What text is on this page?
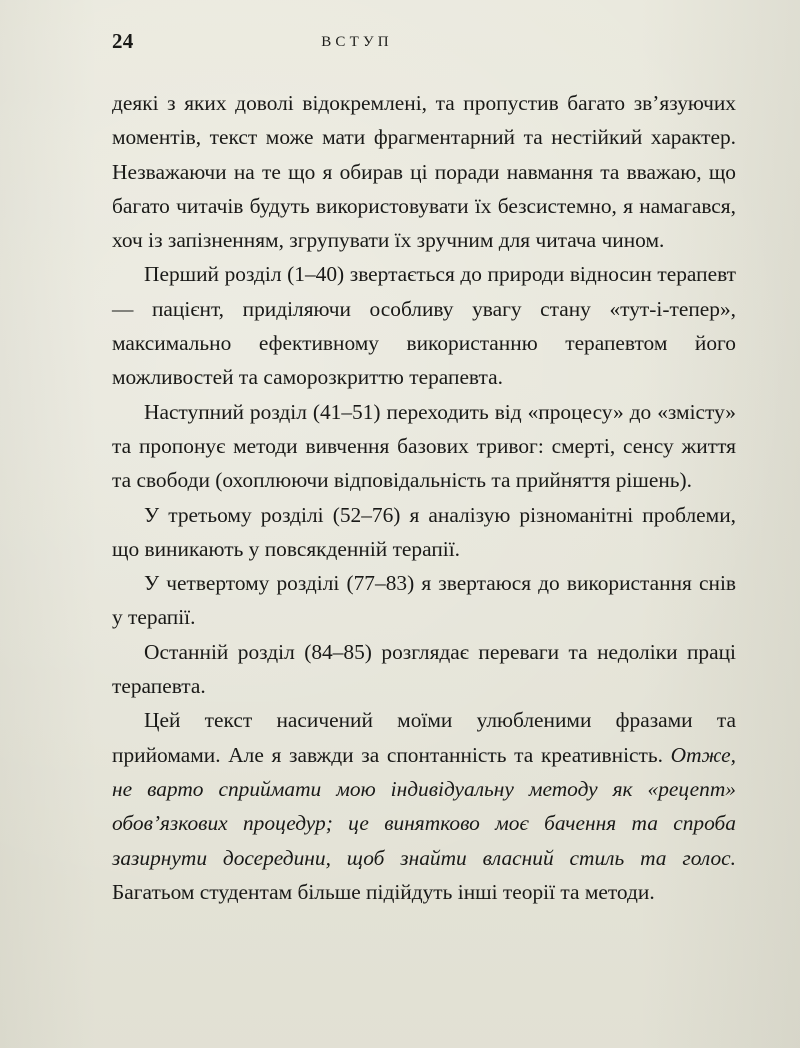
24	ВСТУП

деякі з яких доволі відокремлені, та пропустив багато зв’язуючих моментів, текст може мати фрагментарний та нестійкий характер. Незважаючи на те що я обирав ці поради навмання та вважаю, що багато читачів будуть використовувати їх безсистемно, я намагався, хоч із запізненням, згрупувати їх зручним для читача чином.

Перший розділ (1–40) звертається до природи відносин терапевт — пацієнт, приділяючи особливу увагу стану «тут-і-тепер», максимально ефективному використанню терапевтом його можливостей та саморозкриттю терапевта.

Наступний розділ (41–51) переходить від «процесу» до «змісту» та пропонує методи вивчення базових тривог: смерті, сенсу життя та свободи (охоплюючи відповідальність та прийняття рішень).

У третьому розділі (52–76) я аналізую різноманітні проблеми, що виникають у повсякденній терапії.

У четвертому розділі (77–83) я звертаюся до використання снів у терапії.

Останній розділ (84–85) розглядає переваги та недоліки праці терапевта.

Цей текст насичений моїми улюбленими фразами та прийомами. Але я завжди за спонтанність та креативність. Отже, не варто сприймати мою індивідуальну методу як «рецепт» обов’язкових процедур; це винятково моє бачення та спроба зазирнути досередини, щоб знайти власний стиль та голос. Багатьом студентам більше підійдуть інші теорії та методи.
